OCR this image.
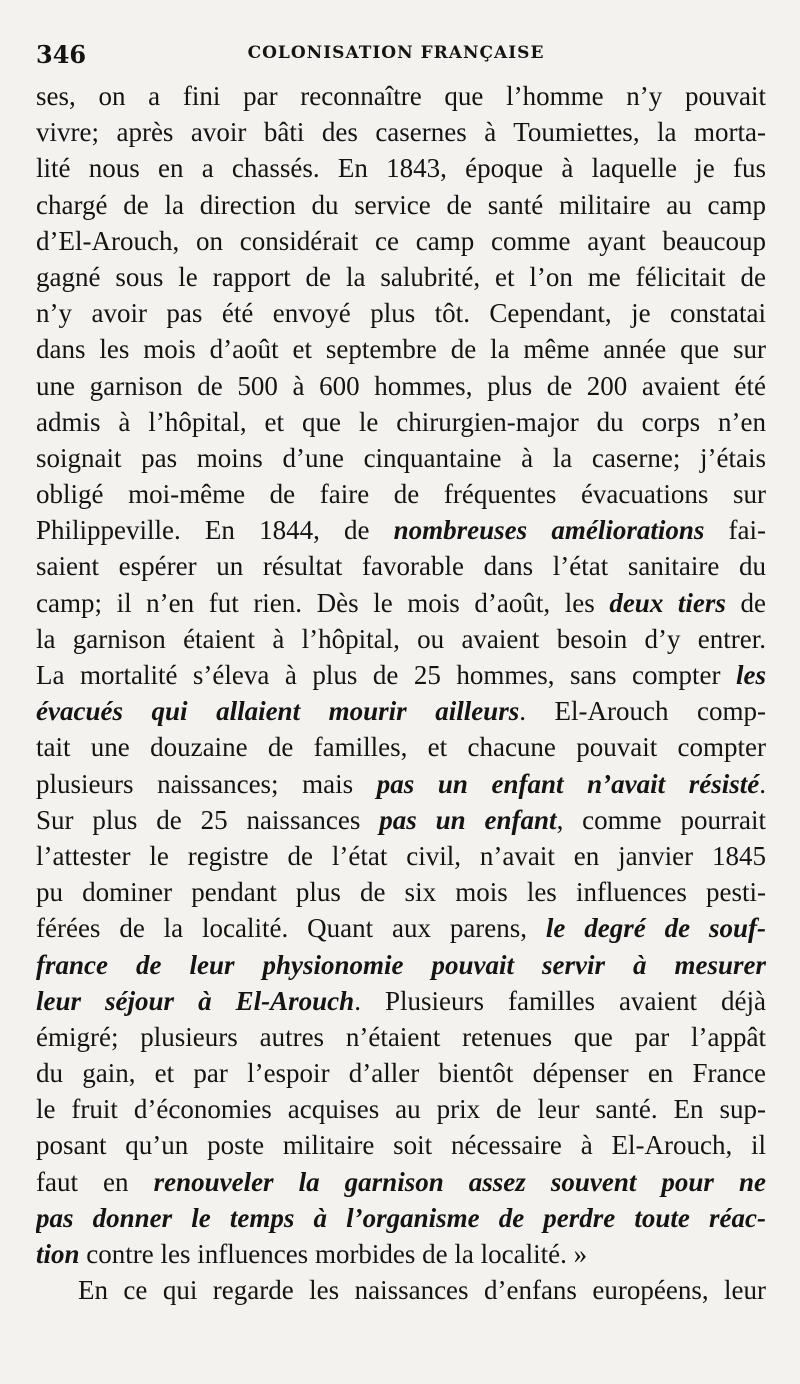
346	COLONISATION FRANÇAISE
ses, on a fini par reconnaître que l’homme n’y pouvait
vivre; après avoir bâti des casernes à Toumiettes, la morta-
lité nous en a chassés. En 1843, époque à laquelle je fus
chargé de la direction du service de santé militaire au camp
d’El-Arouch, on considérait ce camp comme ayant beaucoup
gagné sous le rapport de la salubrité, et l’on me félicitait de
n’y avoir pas été envoyé plus tôt. Cependant, je constatai
dans les mois d’août et septembre de la même année que sur
une garnison de 500 à 600 hommes, plus de 200 avaient été
admis à l’hôpital, et que le chirurgien-major du corps n’en
soignait pas moins d’une cinquantaine à la caserne; j’étais
obligé moi-même de faire de fréquentes évacuations sur
Philippeville. En 1844, de nombreuses améliorations fai-
saient espérer un résultat favorable dans l’état sanitaire du
camp; il n’en fut rien. Dès le mois d’août, les deux tiers de
la garnison étaient à l’hôpital, ou avaient besoin d’y entrer.
La mortalité s’éleva à plus de 25 hommes, sans compter les
évacués qui allaient mourir ailleurs. El-Arouch comp-
tait une douzaine de familles, et chacune pouvait compter
plusieurs naissances; mais pas un enfant n’avait résisté.
Sur plus de 25 naissances pas un enfant, comme pourrait
l’attester le registre de l’état civil, n’avait en janvier 1845
pu dominer pendant plus de six mois les influences pesti-
férées de la localité. Quant aux parens, le degré de souf-
france de leur physionomie pouvait servir à mesurer
leur séjour à El-Arouch. Plusieurs familles avaient déjà
émigré; plusieurs autres n’étaient retenues que par l’appât
du gain, et par l’espoir d’aller bientôt dépenser en France
le fruit d’économies acquises au prix de leur santé. En sup-
posant qu’un poste militaire soit nécessaire à El-Arouch, il
faut en renouveler la garnison assez souvent pour ne
pas donner le temps à l’organisme de perdre toute réac-
tion contre les influences morbides de la localité. »
En ce qui regarde les naissances d’enfans européens, leur
